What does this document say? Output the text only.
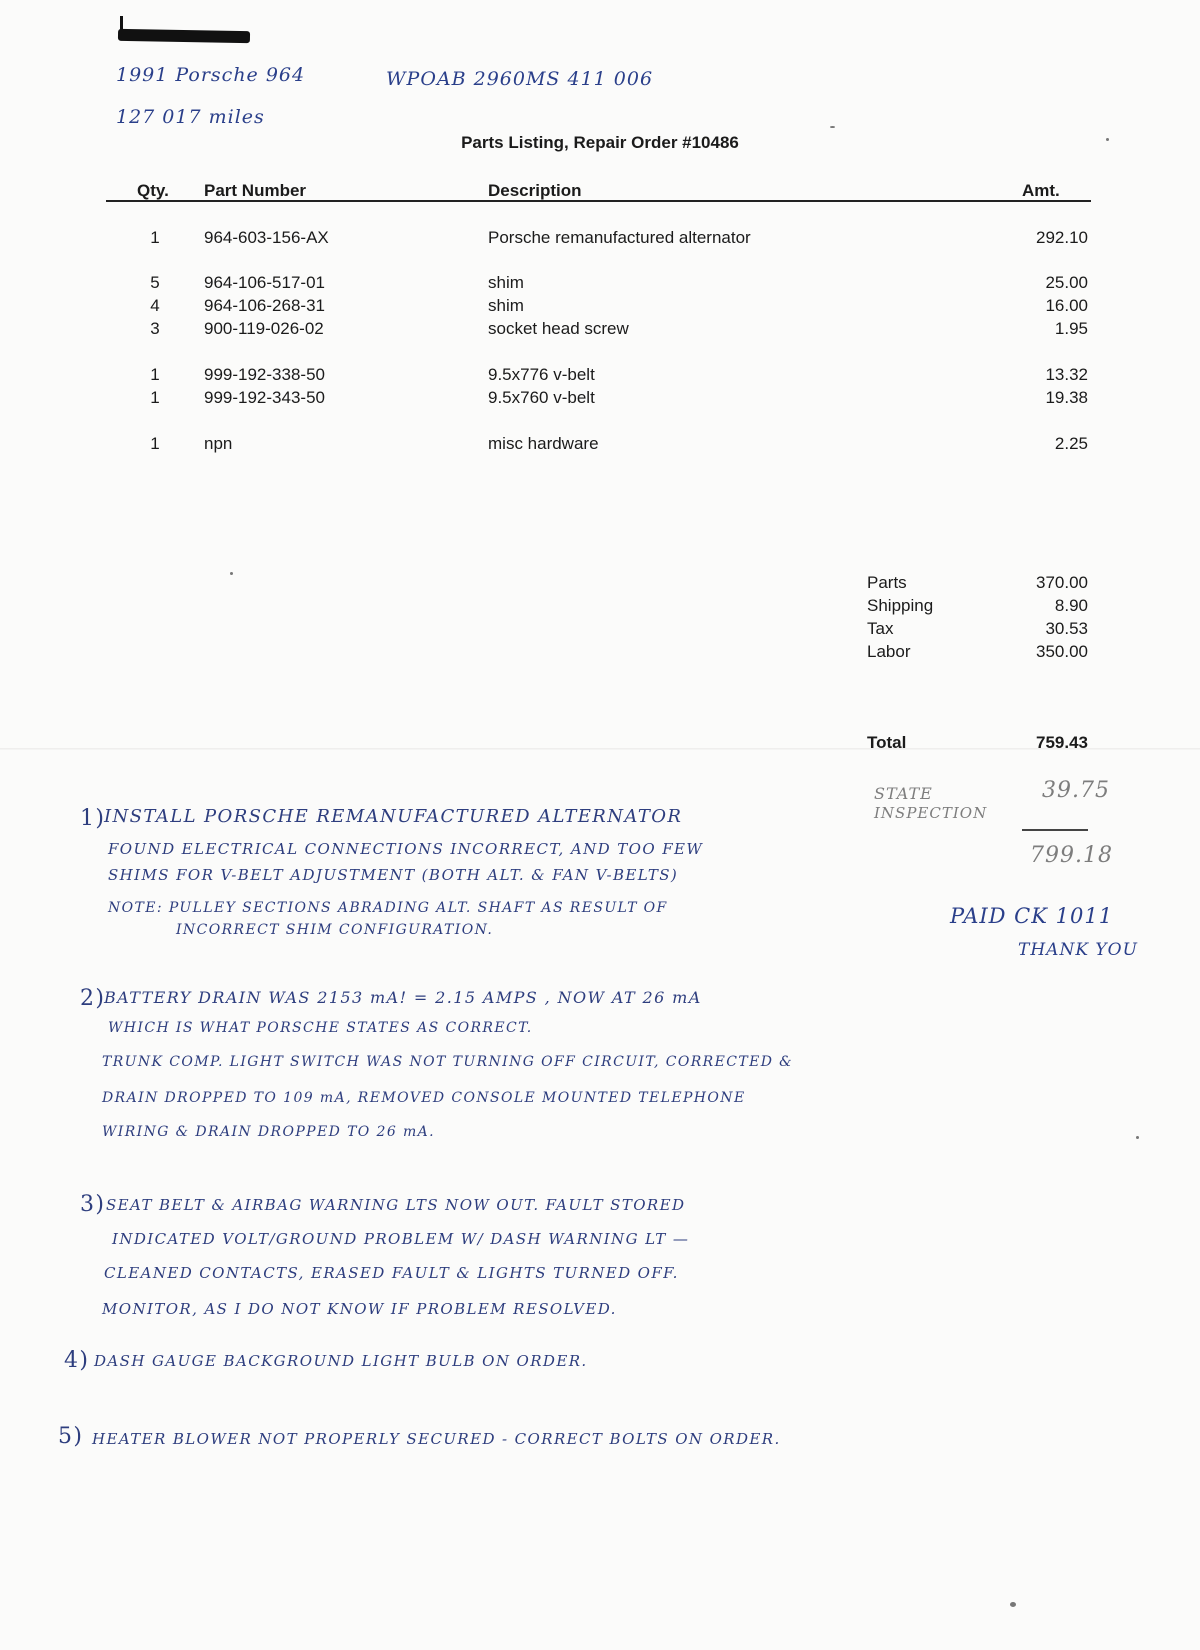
1991 Porsche 964	WPOAB 2960MS 411 006
127 017 miles
Parts Listing, Repair Order #10486
Qty. Part Number	Description	Amt.
1	964-603-156-AX	Porsche remanufactured alternator	292.10
5	964-106-517-01	shim	25.00
4	964-106-268-31	shim	16.00
3	900-119-026-02	socket head screw	1.95
1	999-192-338-50	9.5x776 v-belt	13.32
1	999-192-343-50	9.5x760 v-belt	19.38
1	npn	misc hardware	2.25
Parts	370.00
Shipping	8.90
Tax	30.53
Labor	350.00
Total	759.43
STATE
INSPECTION
39.75
799.18
PAID CK 1011
THANK YOU
1)
INSTALL PORSCHE REMANUFACTURED ALTERNATOR
FOUND ELECTRICAL CONNECTIONS INCORRECT, AND TOO FEW
SHIMS FOR V-BELT ADJUSTMENT (BOTH ALT. & FAN V-BELTS)
NOTE: PULLEY SECTIONS ABRADING ALT. SHAFT AS RESULT OF
INCORRECT SHIM CONFIGURATION.
2)
BATTERY DRAIN WAS 2153 mA! = 2.15 AMPS , NOW AT 26 mA
WHICH IS WHAT PORSCHE STATES AS CORRECT.
TRUNK COMP. LIGHT SWITCH WAS NOT TURNING OFF CIRCUIT, CORRECTED &
DRAIN DROPPED TO 109 mA, REMOVED CONSOLE MOUNTED TELEPHONE
WIRING & DRAIN DROPPED TO 26 mA.
3) SEAT BELT & AIRBAG WARNING LTS NOW OUT. FAULT STORED
INDICATED VOLT/GROUND PROBLEM W/ DASH WARNING LT —
CLEANED CONTACTS, ERASED FAULT & LIGHTS TURNED OFF.
MONITOR, AS I DO NOT KNOW IF PROBLEM RESOLVED.
4) DASH GAUGE BACKGROUND LIGHT BULB ON ORDER.
5) HEATER BLOWER NOT PROPERLY SECURED - CORRECT BOLTS ON ORDER.
